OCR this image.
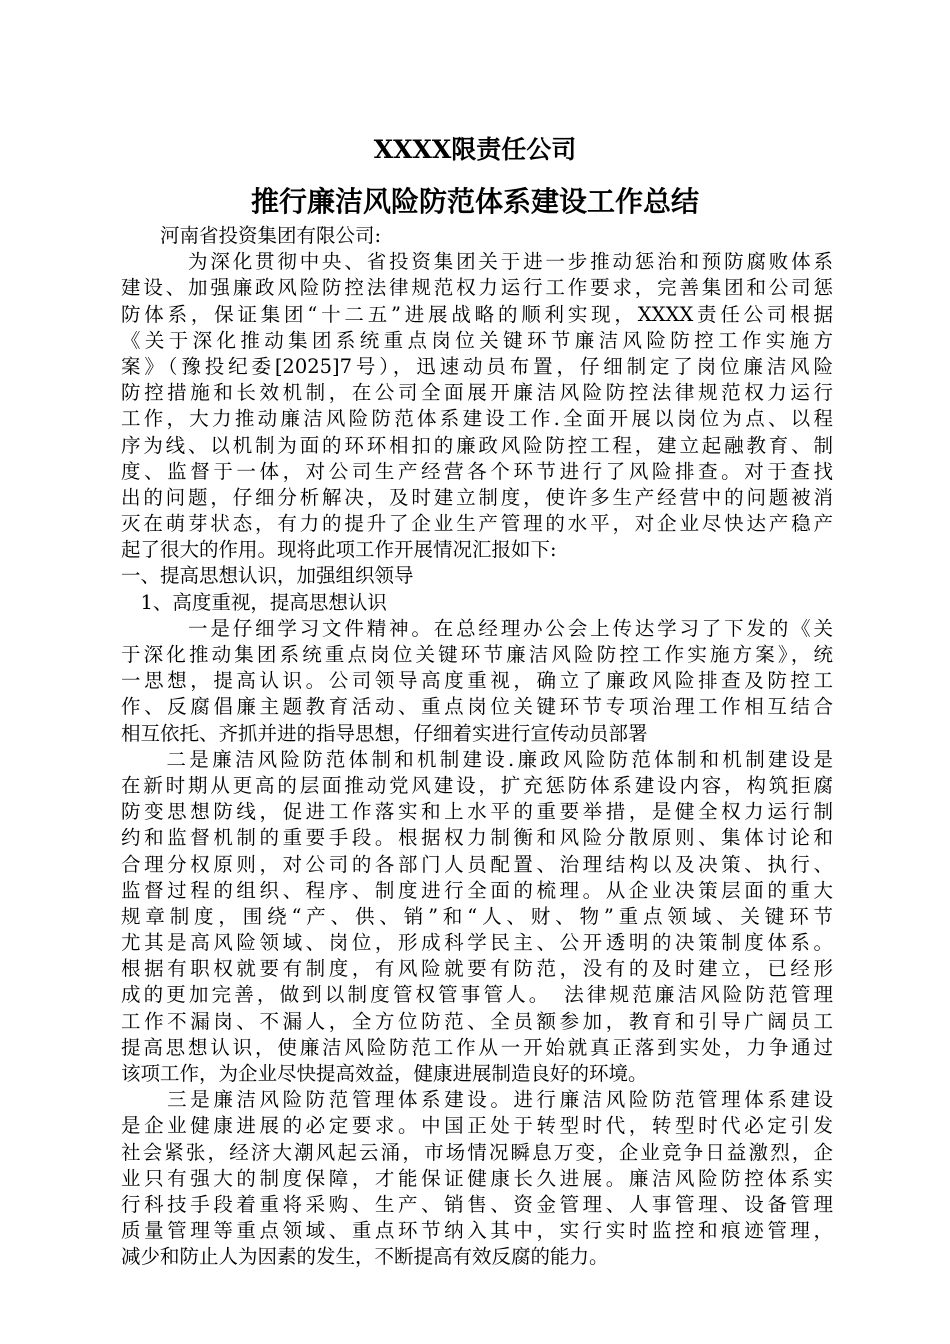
XXXX限责任公司
推行廉洁风险防范体系建设工作总结
　　河南省投资集团有限公司:
　　　为深化贯彻中央、省投资集团关于进一步推动惩治和预防腐败体系
建设、加强廉政风险防控法律规范权力运行工作要求，完善集团和公司惩
防体系，保证集团“十二五”进展战略的顺利实现，XXXX责任公司根据
《关于深化推动集团系统重点岗位关键环节廉洁风险防控工作实施方
案》（豫投纪委[2025]7号），迅速动员布置，仔细制定了岗位廉洁风险
防控措施和长效机制，在公司全面展开廉洁风险防控法律规范权力运行
工作，大力推动廉洁风险防范体系建设工作.全面开展以岗位为点、以程
序为线、以机制为面的环环相扣的廉政风险防控工程，建立起融教育、制
度、监督于一体，对公司生产经营各个环节进行了风险排查。对于查找
出的问题，仔细分析解决，及时建立制度，使许多生产经营中的问题被消
灭在萌芽状态，有力的提升了企业生产管理的水平，对企业尽快达产稳产
起了很大的作用。现将此项工作开展情况汇报如下:
一、提高思想认识，加强组织领导
　1、高度重视，提高思想认识
　　　一是仔细学习文件精神。在总经理办公会上传达学习了下发的《关
于深化推动集团系统重点岗位关键环节廉洁风险防控工作实施方案》，统
一思想，提高认识。公司领导高度重视，确立了廉政风险排查及防控工
作、反腐倡廉主题教育活动、重点岗位关键环节专项治理工作相互结合
相互依托、齐抓并进的指导思想，仔细着实进行宣传动员部署
　　二是廉洁风险防范体制和机制建设.廉政风险防范体制和机制建设是
在新时期从更高的层面推动党风建设，扩充惩防体系建设内容，构筑拒腐
防变思想防线，促进工作落实和上水平的重要举措，是健全权力运行制
约和监督机制的重要手段。根据权力制衡和风险分散原则、集体讨论和
合理分权原则，对公司的各部门人员配置、治理结构以及决策、执行、
监督过程的组织、程序、制度进行全面的梳理。从企业决策层面的重大
规章制度，围绕“产、供、销”和“人、财、物”重点领域、关键环节
尤其是高风险领域、岗位，形成科学民主、公开透明的决策制度体系。
根据有职权就要有制度，有风险就要有防范，没有的及时建立，已经形
成的更加完善，做到以制度管权管事管人。　法律规范廉洁风险防范管理
工作不漏岗、不漏人，全方位防范、全员额参加，教育和引导广阔员工
提高思想认识，使廉洁风险防范工作从一开始就真正落到实处，力争通过
该项工作，为企业尽快提高效益，健康进展制造良好的环境。
　　三是廉洁风险防范管理体系建设。进行廉洁风险防范管理体系建设
是企业健康进展的必定要求。中国正处于转型时代，转型时代必定引发
社会紧张，经济大潮风起云涌，市场情况瞬息万变，企业竞争日益激烈，企
业只有强大的制度保障，才能保证健康长久进展。廉洁风险防控体系实
行科技手段着重将采购、生产、销售、资金管理、人事管理、设备管理
质量管理等重点领域、重点环节纳入其中，实行实时监控和痕迹管理，
减少和防止人为因素的发生，不断提高有效反腐的能力。
